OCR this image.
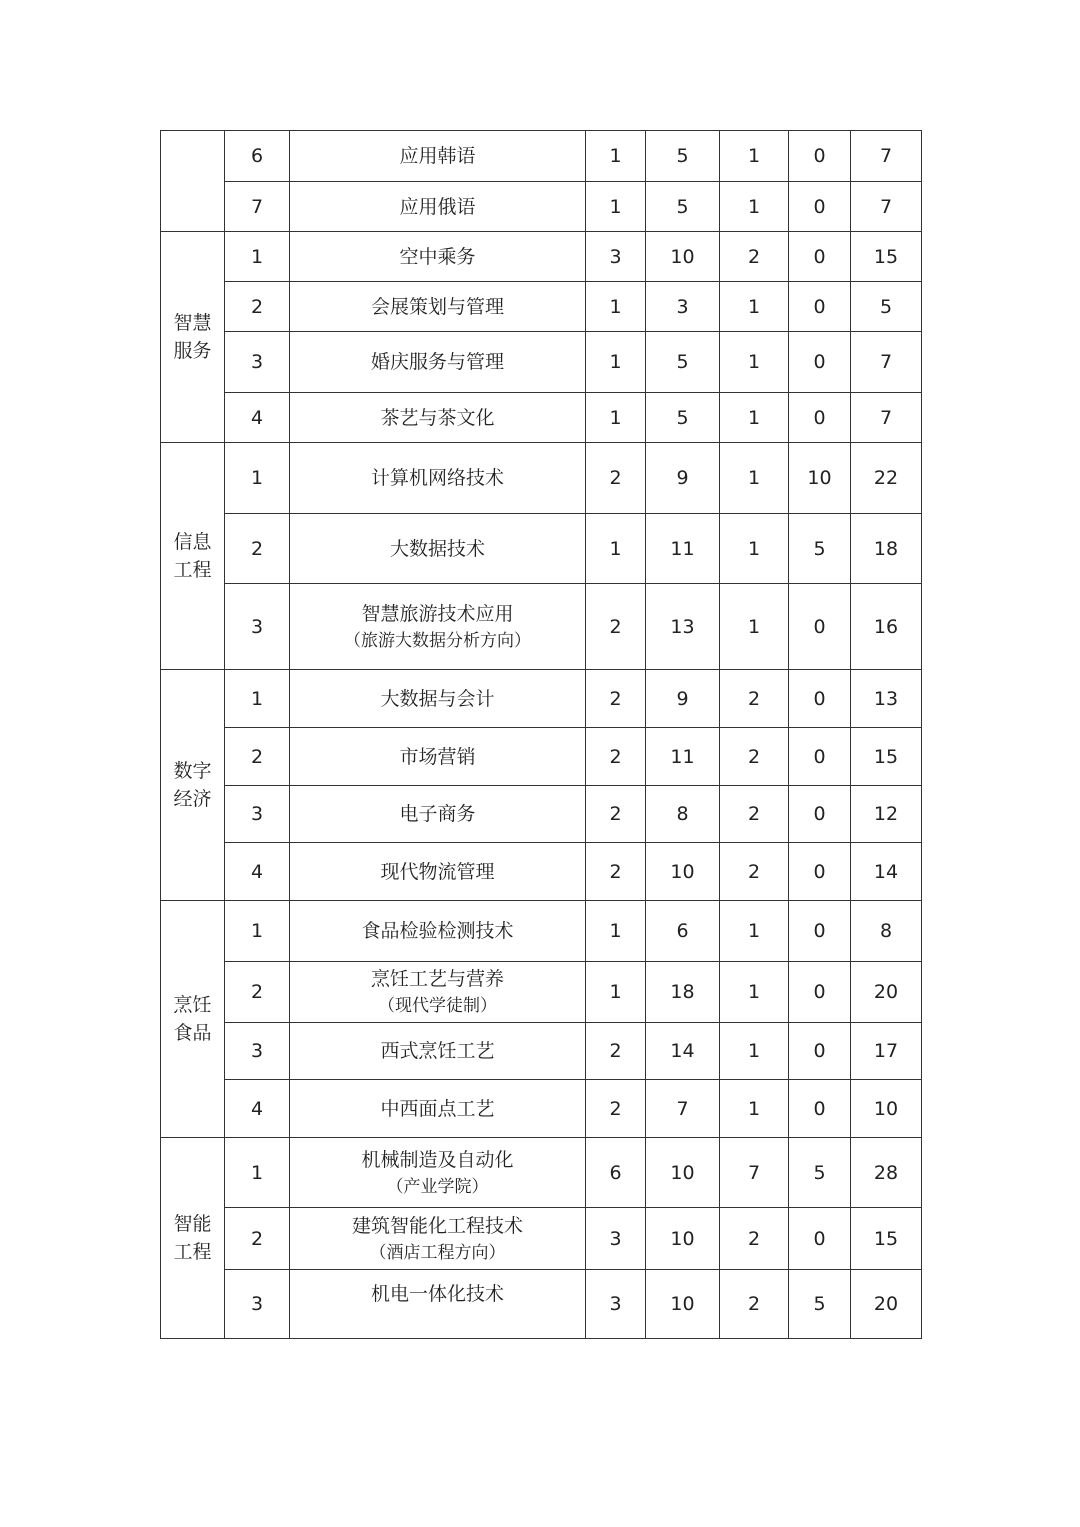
	6	应用韩语	1	5	1	0	7
	7	应用俄语	1	5	1	0	7

智慧
服务	1	空中乘务	3	10	2	0	15
	2	会展策划与管理	1	3	1	0	5
	3	婚庆服务与管理	1	5	1	0	7
	4	茶艺与茶文化	1	5	1	0	7

信息
工程	1	计算机网络技术	2	9	1	10	22
	2	大数据技术	1	11	1	5	18
	3	智慧旅游技术应用
（旅游大数据分析方向）	2	13	1	0	16

数字
经济	1	大数据与会计	2	9	2	0	13
	2	市场营销	2	11	2	0	15
	3	电子商务	2	8	2	0	12
	4	现代物流管理	2	10	2	0	14

烹饪
食品	1	食品检验检测技术	1	6	1	0	8
	2	烹饪工艺与营养
（现代学徒制）	1	18	1	0	20
	3	西式烹饪工艺	2	14	1	0	17
	4	中西面点工艺	2	7	1	0	10

智能
工程	1	机械制造及自动化
（产业学院）	6	10	7	5	28
	2	建筑智能化工程技术
（酒店工程方向）	3	10	2	0	15
	3	机电一体化技术	3	10	2	5	20
